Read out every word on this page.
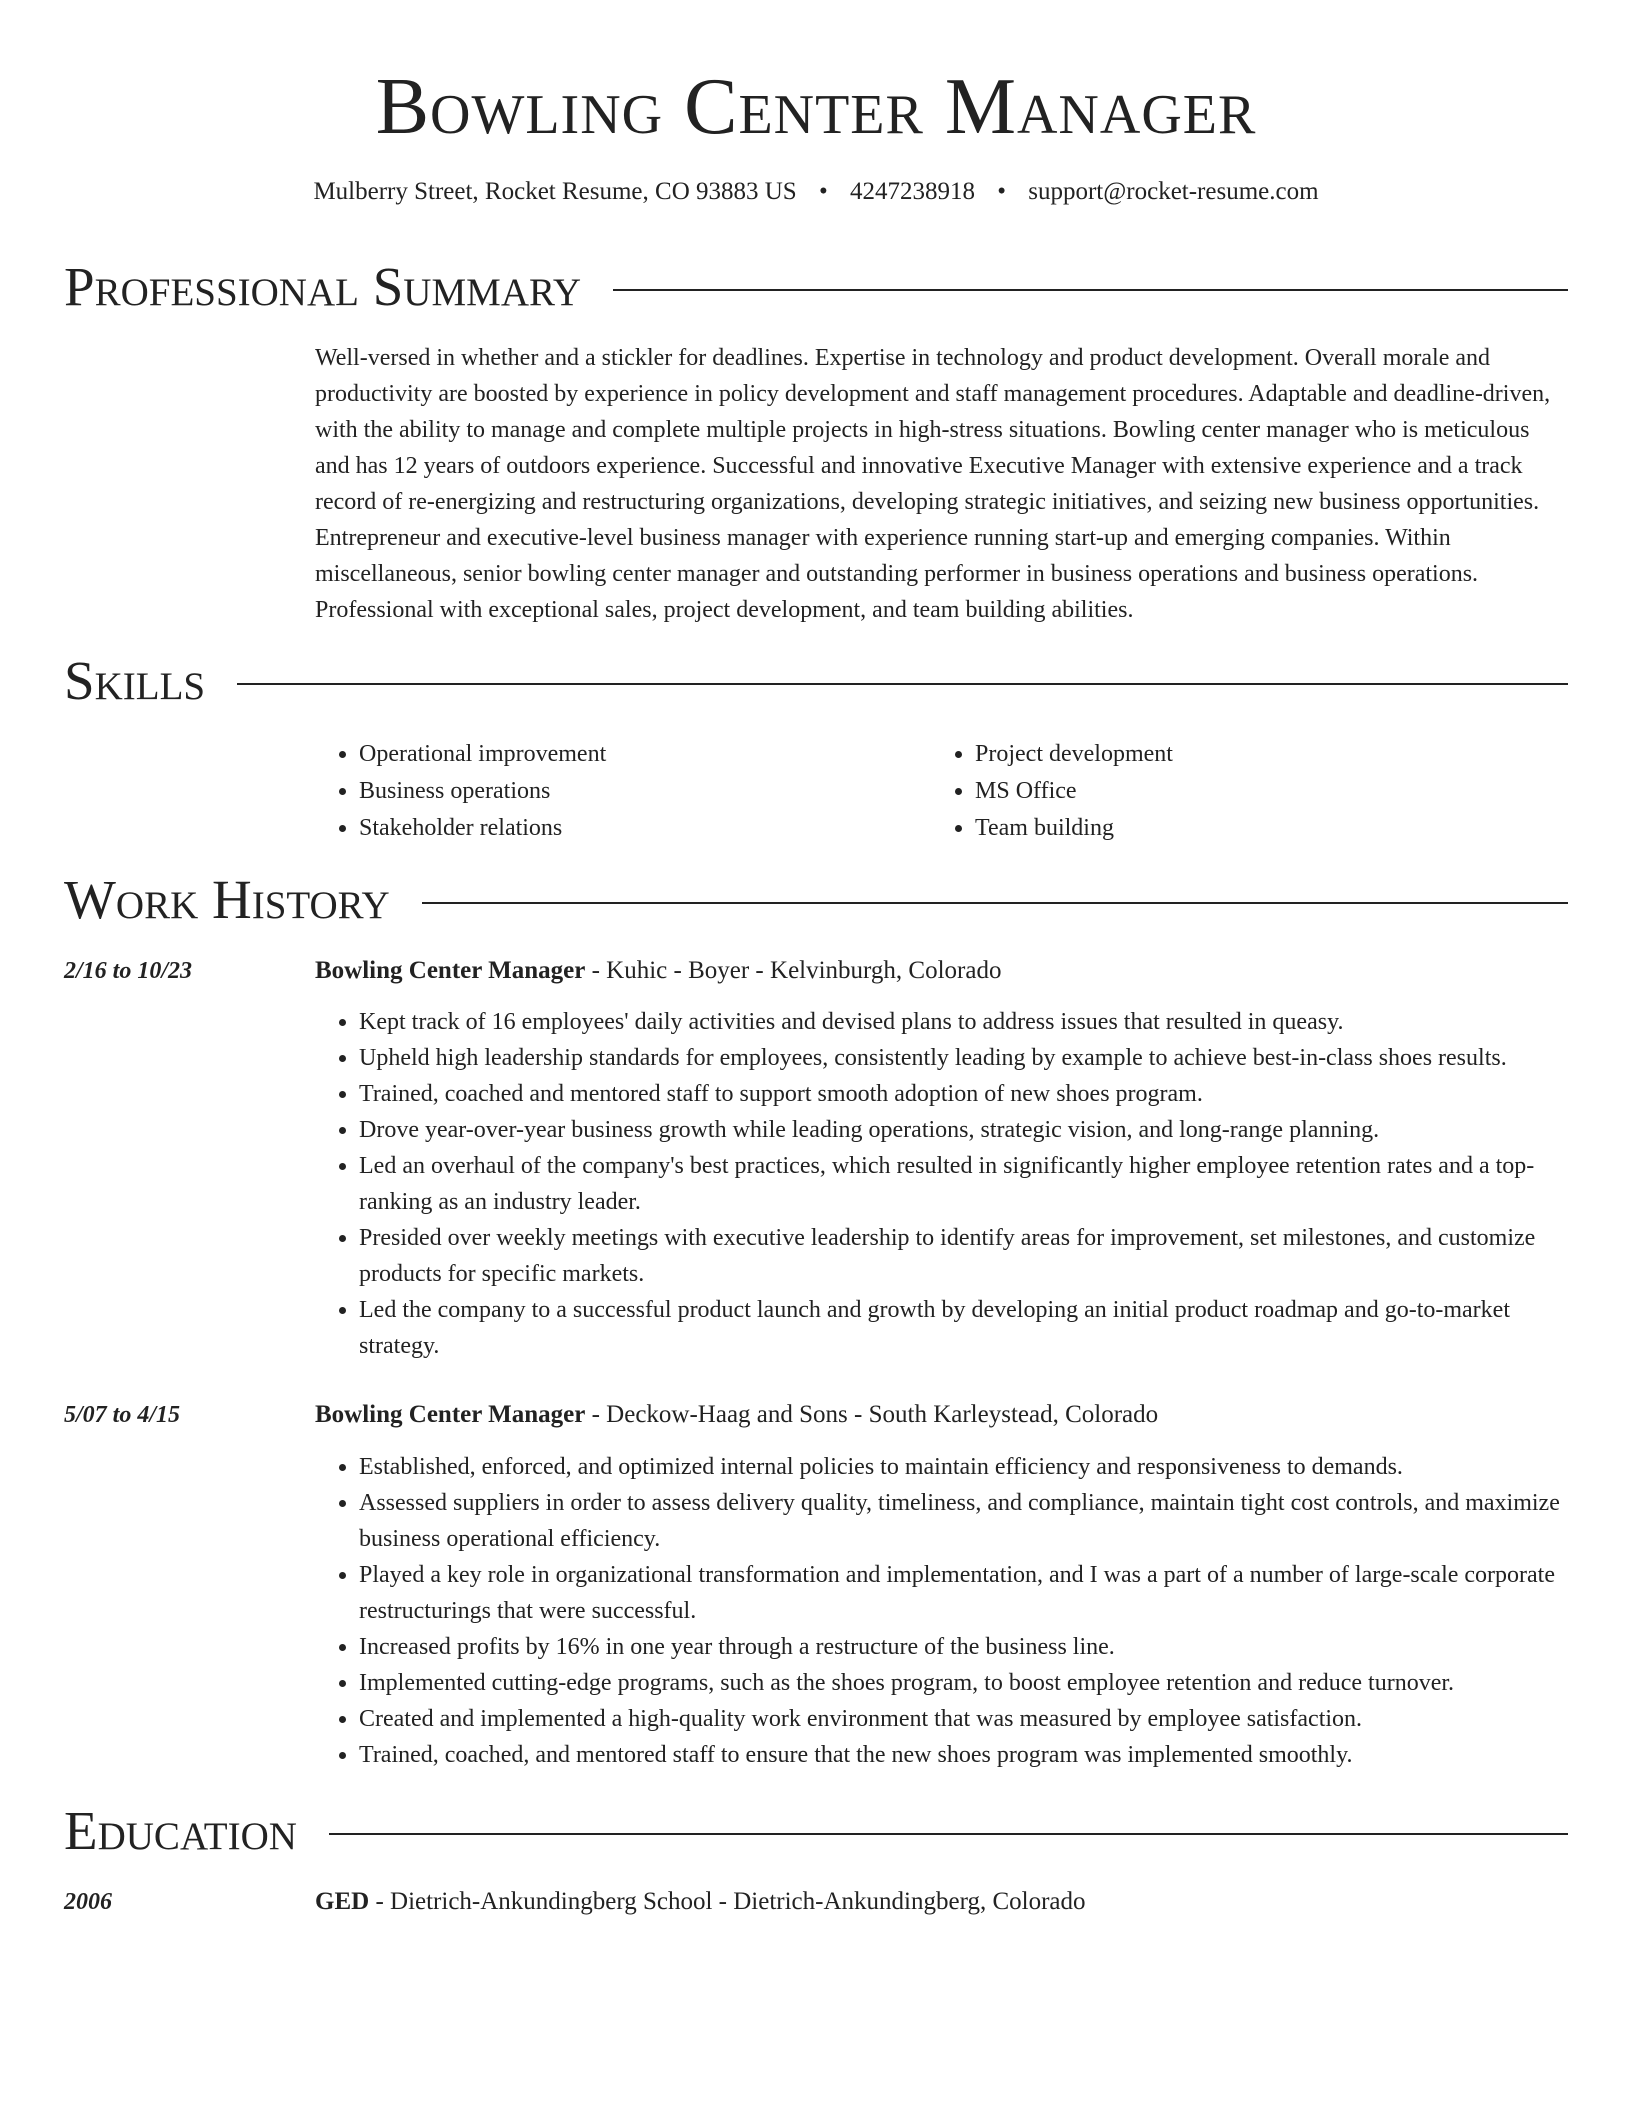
Bowling Center Manager
Mulberry Street, Rocket Resume, CO 93883 US • 4247238918 • support@rocket-resume.com
Professional Summary

Well-versed in whether and a stickler for deadlines. Expertise in technology and product development. Overall morale and productivity are boosted by experience in policy development and staff management procedures. Adaptable and deadline-driven, with the ability to manage and complete multiple projects in high-stress situations. Bowling center manager who is meticulous and has 12 years of outdoors experience. Successful and innovative Executive Manager with extensive experience and a track record of re-energizing and restructuring organizations, developing strategic initiatives, and seizing new business opportunities. Entrepreneur and executive-level business manager with experience running start-up and emerging companies. Within miscellaneous, senior bowling center manager and outstanding performer in business operations and business operations. Professional with exceptional sales, project development, and team building abilities.

Skills
• Operational improvement
• Business operations
• Stakeholder relations
• Project development
• MS Office
• Team building
Work History
2/16 to 10/23	Bowling Center Manager - Kuhic - Boyer - Kelvinburgh, Colorado
• Kept track of 16 employees' daily activities and devised plans to address issues that resulted in queasy.
• Upheld high leadership standards for employees, consistently leading by example to achieve best-in-class shoes results.
• Trained, coached and mentored staff to support smooth adoption of new shoes program.
• Drove year-over-year business growth while leading operations, strategic vision, and long-range planning.
• Led an overhaul of the company's best practices, which resulted in significantly higher employee retention rates and a top-ranking as an industry leader.
• Presided over weekly meetings with executive leadership to identify areas for improvement, set milestones, and customize products for specific markets.
• Led the company to a successful product launch and growth by developing an initial product roadmap and go-to-market strategy.
5/07 to 4/15	Bowling Center Manager - Deckow-Haag and Sons - South Karleystead, Colorado
• Established, enforced, and optimized internal policies to maintain efficiency and responsiveness to demands.
• Assessed suppliers in order to assess delivery quality, timeliness, and compliance, maintain tight cost controls, and maximize business operational efficiency.
• Played a key role in organizational transformation and implementation, and I was a part of a number of large-scale corporate restructurings that were successful.
• Increased profits by 16% in one year through a restructure of the business line.
• Implemented cutting-edge programs, such as the shoes program, to boost employee retention and reduce turnover.
• Created and implemented a high-quality work environment that was measured by employee satisfaction.
• Trained, coached, and mentored staff to ensure that the new shoes program was implemented smoothly.
Education
2006	GED - Dietrich-Ankundingberg School - Dietrich-Ankundingberg, Colorado
